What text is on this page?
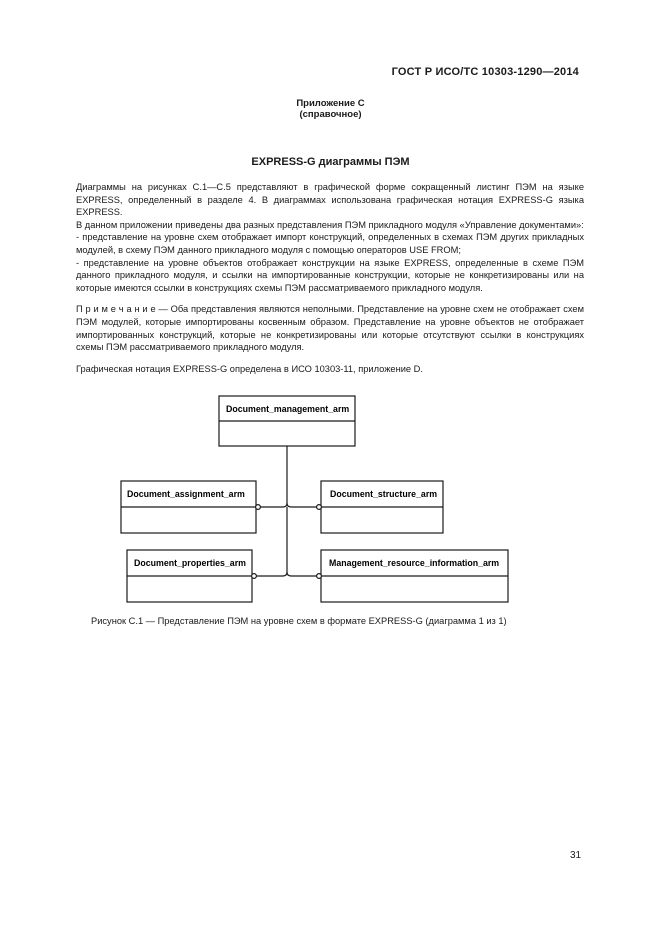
ГОСТ Р ИСО/ТС 10303-1290—2014
Приложение C
(справочное)
EXPRESS-G диаграммы ПЭМ

Диаграммы на рисунках С.1—С.5 представляют в графической форме сокращенный листинг ПЭМ на языке EXPRESS, определенный в разделе 4. В диаграммах использована графическая нотация EXPRESS-G языка EXPRESS.

В данном приложении приведены два разных представления ПЭМ прикладного модуля «Управление документами»:

- представление на уровне схем отображает импорт конструкций, определенных в схемах ПЭМ других прикладных модулей, в схему ПЭМ данного прикладного модуля с помощью операторов USE FROM;

- представление на уровне объектов отображает конструкции на языке EXPRESS, определенные в схеме ПЭМ данного прикладного модуля, и ссылки на импортированные конструкции, которые не конкретизированы или на которые имеются ссылки в конструкциях схемы ПЭМ рассматриваемого прикладного модуля.

П р и м е ч а н и е — Оба представления являются неполными. Представление на уровне схем не отображает схем ПЭМ модулей, которые импортированы косвенным образом. Представление на уровне объектов не отображает импортированных конструкций, которые не конкретизированы или которые отсутствуют ссылки в конструкциях схемы ПЭМ рассматриваемого прикладного модуля.

Графическая нотация EXPRESS-G определена в ИСО 10303-11, приложение D.

Document_management_arm
Document_assignment_arm	Document_structure_arm
Document_properties_arm	Management_resource_information_arm
Рисунок С.1 — Представление ПЭМ на уровне схем в формате EXPRESS-G (диаграмма 1 из 1)
31
